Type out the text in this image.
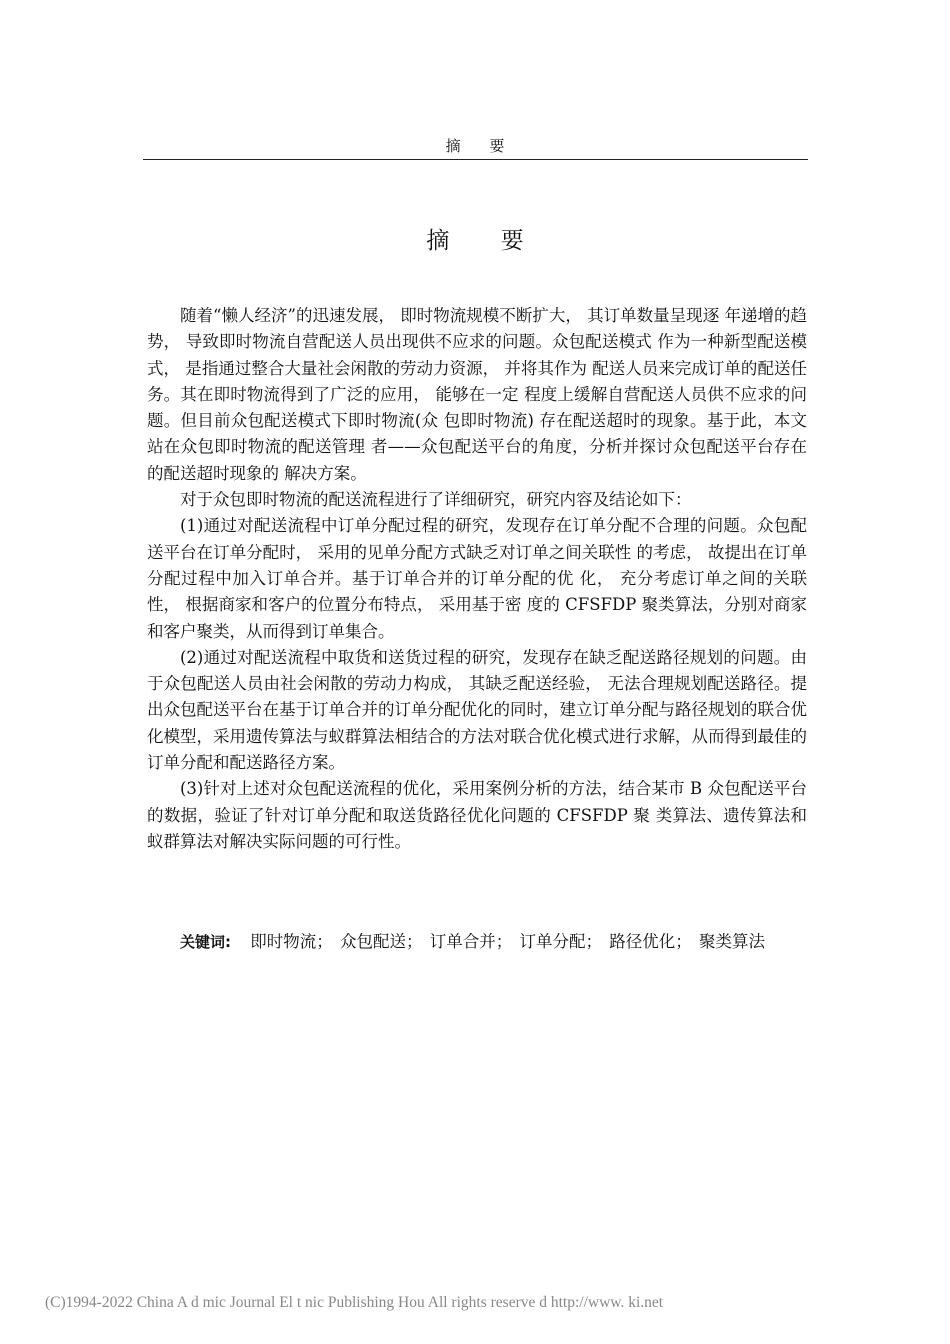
摘 要
摘 要

随着“懒人经济”的迅速发展， 即时物流规模不断扩大， 其订单数量呈现逐 年递增的趋势， 导致即时物流自营配送人员出现供不应求的问题。众包配送模式 作为一种新型配送模式， 是指通过整合大量社会闲散的劳动力资源， 并将其作为 配送人员来完成订单的配送任务。其在即时物流得到了广泛的应用， 能够在一定 程度上缓解自营配送人员供不应求的问题。但目前众包配送模式下即时物流(众 包即时物流) 存在配送超时的现象。基于此，本文站在众包即时物流的配送管理 者——众包配送平台的角度，分析并探讨众包配送平台存在的配送超时现象的 解决方案。

对于众包即时物流的配送流程进行了详细研究，研究内容及结论如下：

(1)通过对配送流程中订单分配过程的研究，发现存在订单分配不合理的问题。众包配送平台在订单分配时， 采用的见单分配方式缺乏对订单之间关联性 的考虑， 故提出在订单分配过程中加入订单合并。基于订单合并的订单分配的优 化， 充分考虑订单之间的关联性， 根据商家和客户的位置分布特点， 采用基于密 度的 CFSFDP 聚类算法，分别对商家和客户聚类，从而得到订单集合。

(2)通过对配送流程中取货和送货过程的研究，发现存在缺乏配送路径规划的问题。由于众包配送人员由社会闲散的劳动力构成， 其缺乏配送经验， 无法合理规划配送路径。提出众包配送平台在基于订单合并的订单分配优化的同时，建立订单分配与路径规划的联合优化模型，采用遗传算法与蚁群算法相结合的方法对联合优化模式进行求解，从而得到最佳的订单分配和配送路径方案。

(3)针对上述对众包配送流程的优化，采用案例分析的方法，结合某市 B 众包配送平台的数据，验证了针对订单分配和取送货路径优化问题的 CFSFDP 聚 类算法、遗传算法和蚁群算法对解决实际问题的可行性。

关键词: 即时物流； 众包配送； 订单合并； 订单分配； 路径优化； 聚类算法
(C)1994-2022 China A d mic Journal El t nic Publishing Hou All rights reserve d http://www. ki.net
